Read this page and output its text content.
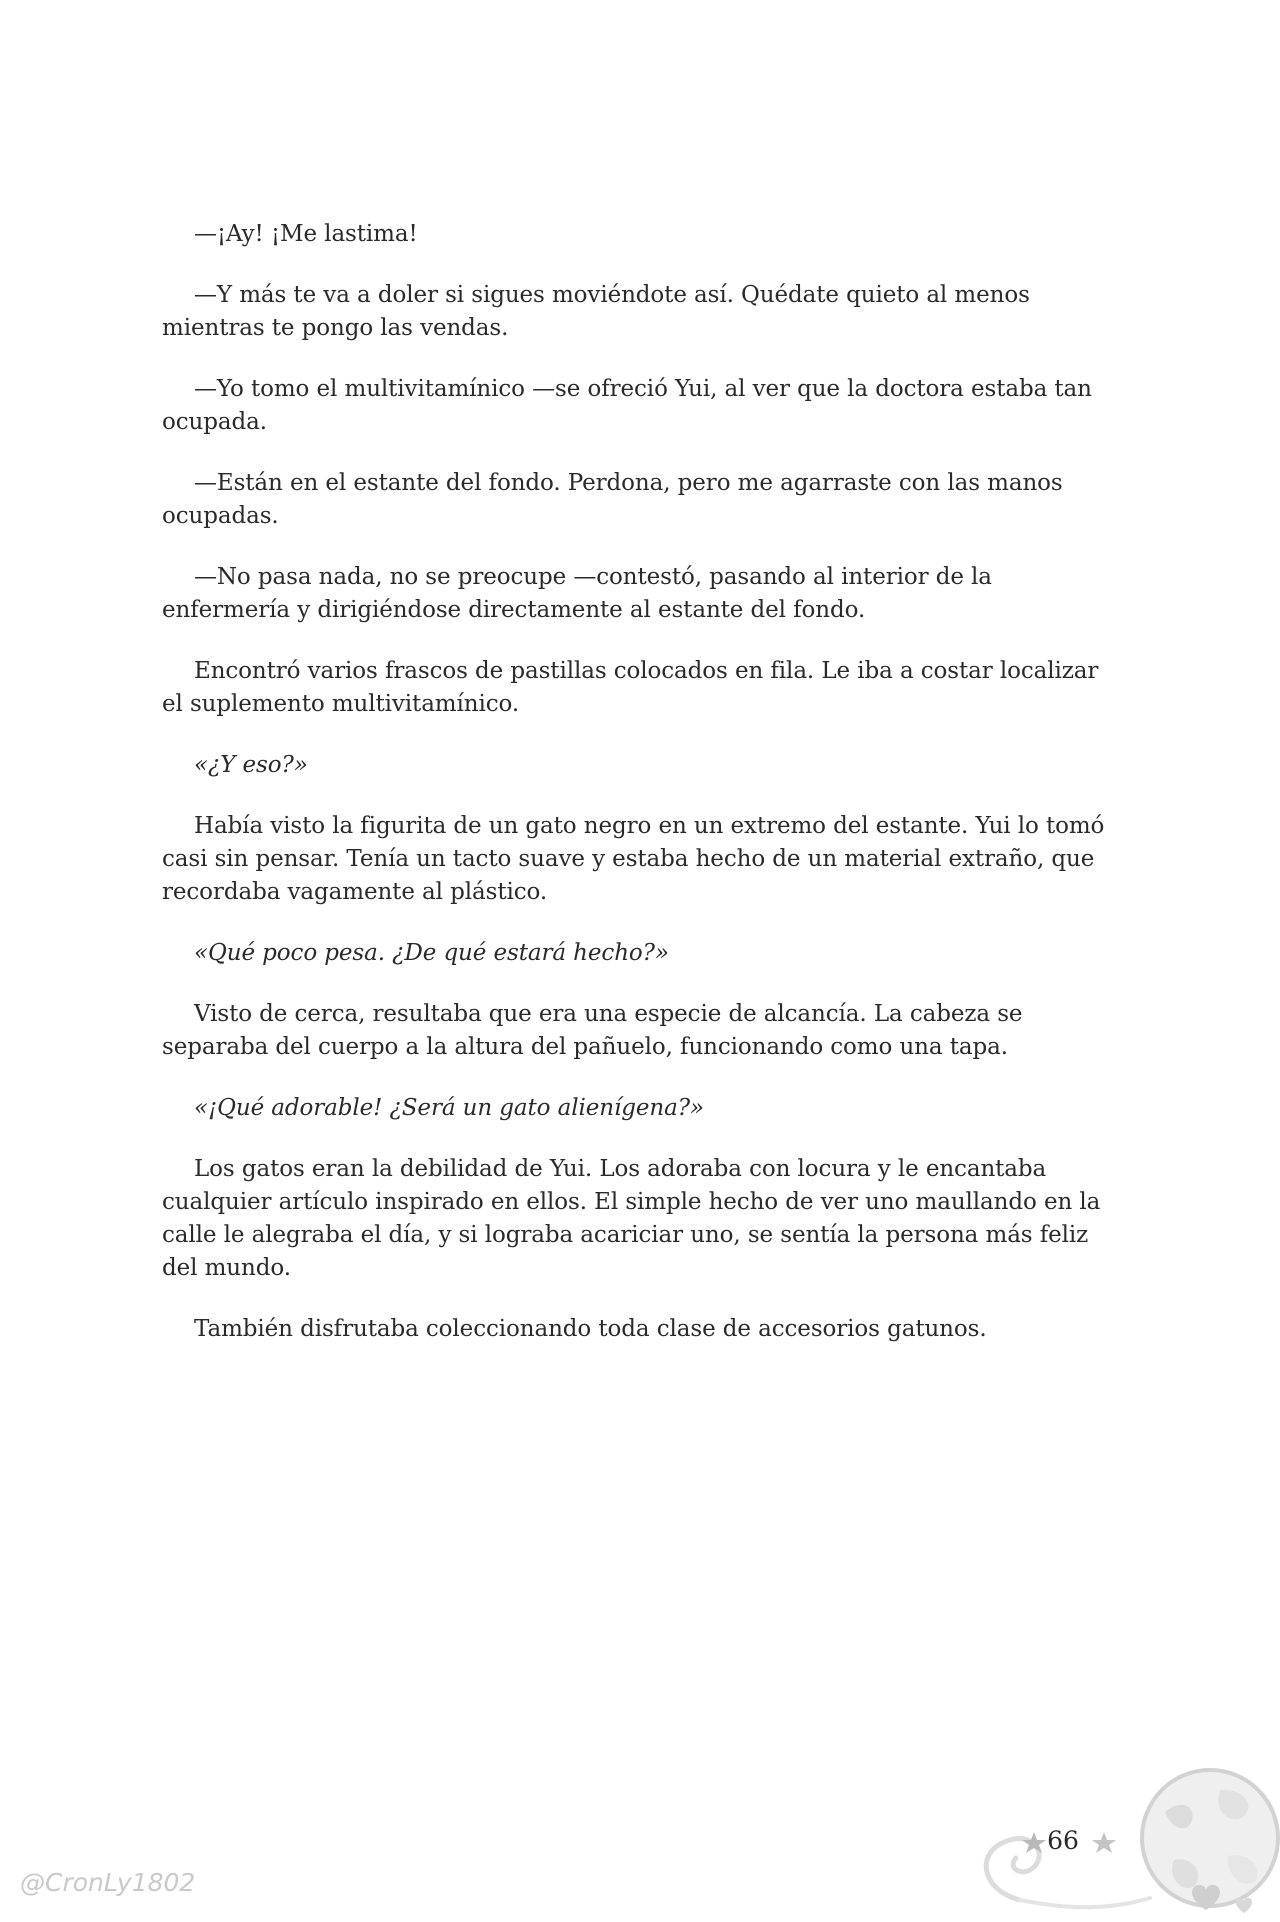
—¡Ay! ¡Me lastima!

—Y más te va a doler si sigues moviéndote así. Quédate quieto al menos mientras te pongo las vendas.

—Yo tomo el multivitamínico —se ofreció Yui, al ver que la doctora estaba tan ocupada.

—Están en el estante del fondo. Perdona, pero me agarraste con las manos ocupadas.

—No pasa nada, no se preocupe —contestó, pasando al interior de la enfermería y dirigiéndose directamente al estante del fondo.

Encontró varios frascos de pastillas colocados en fila. Le iba a costar localizar el suplemento multivitamínico.

«¿Y eso?»

Había visto la figurita de un gato negro en un extremo del estante. Yui lo tomó casi sin pensar. Tenía un tacto suave y estaba hecho de un material extraño, que recordaba vagamente al plástico.

«Qué poco pesa. ¿De qué estará hecho?»

Visto de cerca, resultaba que era una especie de alcancía. La cabeza se separaba del cuerpo a la altura del pañuelo, funcionando como una tapa.

«¡Qué adorable! ¿Será un gato alienígena?»

Los gatos eran la debilidad de Yui. Los adoraba con locura y le encantaba cualquier artículo inspirado en ellos. El simple hecho de ver uno maullando en la calle le alegraba el día, y si lograba acariciar uno, se sentía la persona más feliz del mundo.

También disfrutaba coleccionando toda clase de accesorios gatunos.

66
@CronLy1802
